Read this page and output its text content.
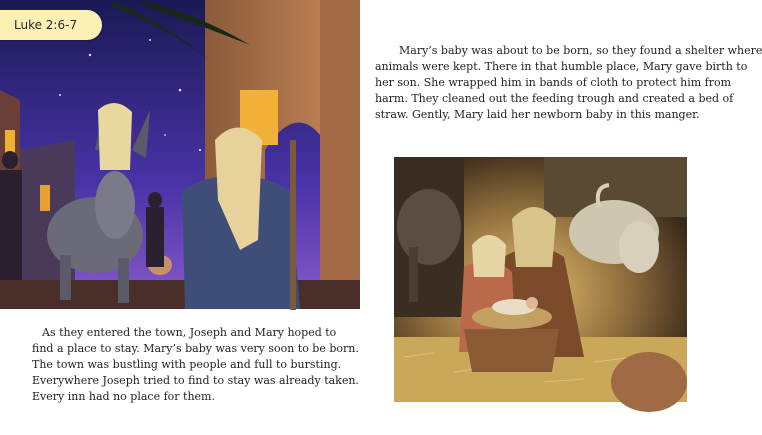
Luke 2:6-7

As they entered the town, Joseph and Mary hoped to
find a place to stay. Mary’s baby was very soon to be born.
The town was bustling with people and full to bursting.
Everywhere Joseph tried to find to stay was already taken.
Every inn had no place for them.

Mary’s baby was about to be born, so they found a shelter where
animals were kept. There in that humble place, Mary gave birth to
her son. She wrapped him in bands of cloth to protect him from
harm. They cleaned out the feeding trough and created a bed of
straw. Gently, Mary laid her newborn baby in this manger.
